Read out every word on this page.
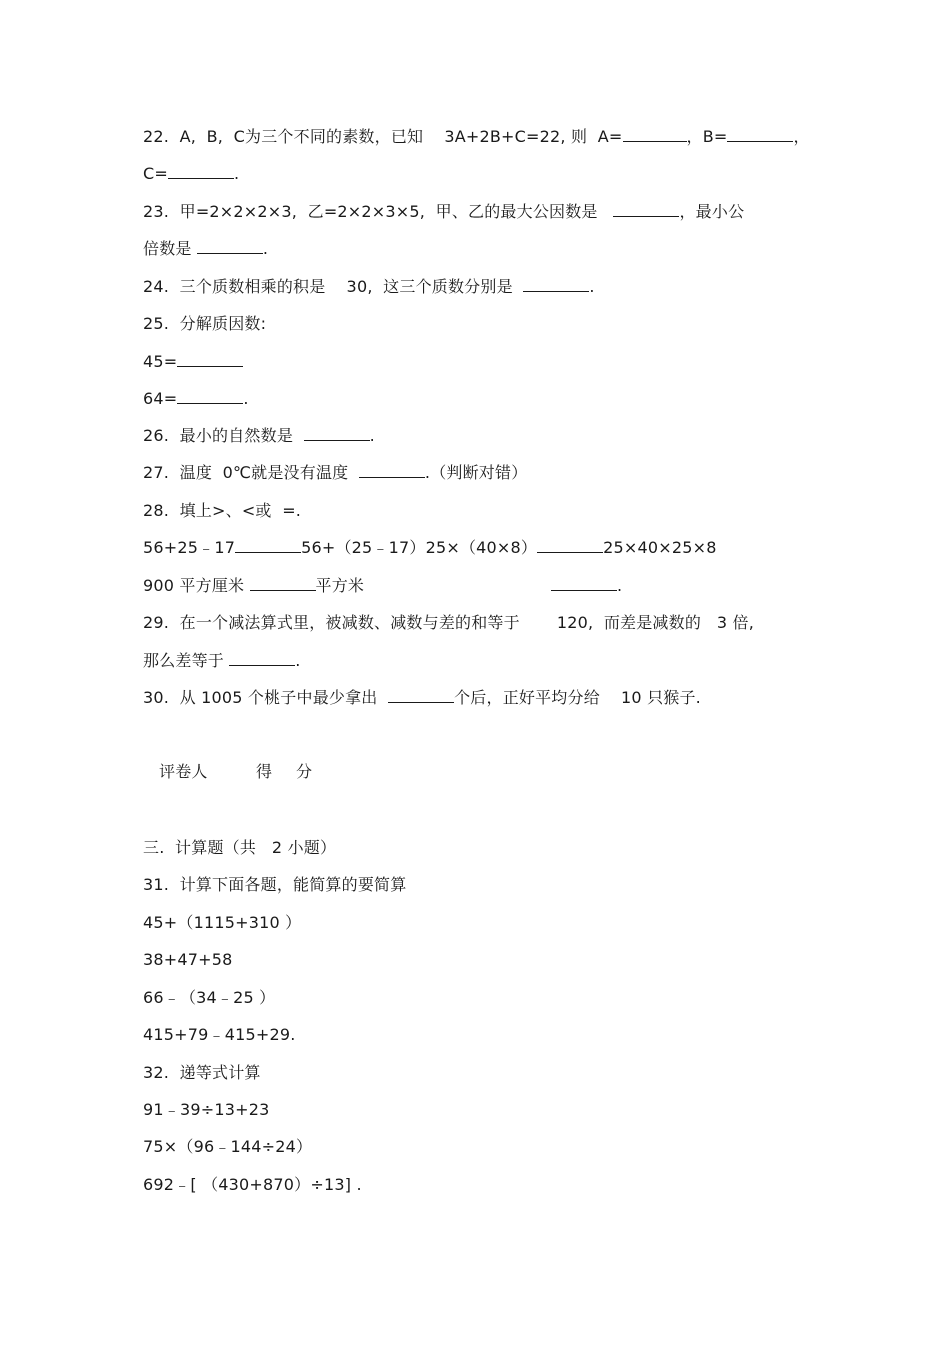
22.  A,  B,  C为三个不同的素数，已知    3A+2B+C=22, 则  A=	，B=	，
C=	.
23.  甲=2×2×2×3,  乙=2×2×3×5,  甲、乙的最大公因数是	，最小公
倍数是	.
24.  三个质数相乘的积是    30,  这三个质数分别是	.
25.  分解质因数:
45=
64=	.
26.  最小的自然数是	.
27.  温度  0℃就是没有温度	.（判断对错）
28.  填上>、<或  =.
56+25﹣17	56+（25﹣17）25×（40×8）	25×40×25×8
900 平方厘米	平方米	.
29.  在一个减法算式里，被减数、减数与差的和等于       120,  而差是减数的   3 倍,
那么差等于	.
30.  从 1005 个桃子中最少拿出	个后，正好平均分给    10 只猴子.
评卷人	得 分
三.  计算题（共   2 小题）
31.  计算下面各题，能简算的要简算
45+（1115+310 ）
38+47+58
66﹣（34﹣25 ）
415+79﹣415+29.
32.  递等式计算
91﹣39÷13+23
75×（96﹣144÷24）
692﹣[ （430+870）÷13] .
